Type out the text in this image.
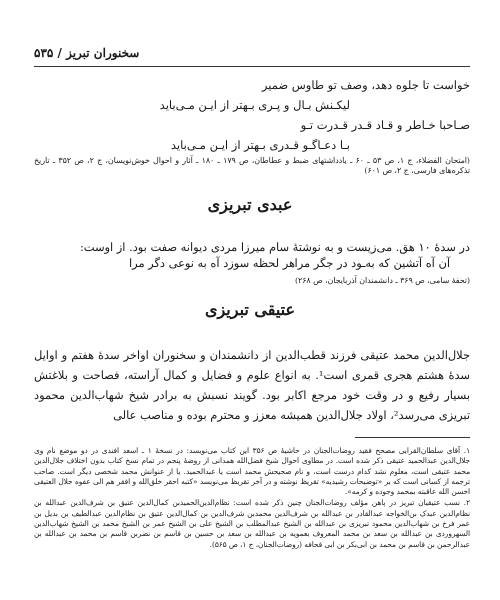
سخنوران تبریز / ۵۳۵
خواست تا جلوه دهد، وصف تو طاوس ضمیر
لیکـنش بـال و پـری بـهتر از ایـن مـی‌باید
صـاحبا خـاطر و قـاد قـدر قـدرت تـو
بـا دعـاگـو قـدری بـهتر از ایـن مـی‌باید
(امتحان الفضلاء، ج ۱، ص ۵۳ ـ ۶۰ ـ یادداشتهای ضبط و عطاطان، ص ۱۷۹ ـ ۱۸۰ ـ آثار و احوال خوش‌نویسان، ج ۲، ص ۳۵۲ ـ تاریخ تذکره‌های فارسی، ج ۲، ص ۶۰۱)
عبدی تبریزی
در سدهٔ ۱۰ هق. می‌زیست و به نوشتهٔ سام میرزا مردی دیوانه صفت بود. از اوست:
آن آه آتشین که به‌ـود در جگر مرا
هر لحظه سوزد آه به نوعی دگر مرا
(تحفهٔ سامی، ص ۳۶۹ ـ دانشمندان آذربایجان، ص ۲۶۸)
عتیقی تبریزی
جلال‌الدین محمد عتیقی فرزند قطب‌الدین از دانشمندان و سخنوران اواخر سدهٔ هفتم و اوایل سدهٔ هشتم هجری قمری است¹. به انواع علوم و فضایل و کمال آراسته، فصاحت و بلاغتش بسیار رفیع و در وقت خود مرجع اکابر بود. گویند نسبش به برادر شیخ شهاب‌الدین محمود تبریزی می‌رسد²، اولاد جلال‌الدین همیشه معزز و محترم بوده و مناصب عالی

۱. آقای سلطان‌القرایی مصحح فقید روضات‌الجنان در حاشیهٔ ص ۳۵۶ این کتاب می‌نویسد: در نسخهٔ ۱ ـ اسعد افندی در دو موضع نام وی جلال‌الدین عبدالحمید عتیقی ذکر شده است. در مطاوی احوال شیخ فضل‌الله همدانی از روضهٔ پنجم در تمام نسخ کتاب بدون اختلاف جلال‌الدین محمد عتیقی است، معلوم نشد کدام درست است، و نام صحیحش محمد است یا عبدالحمید. یا از عنوانش محمد شخصی دیگر است. صاحب ترجمه از کسانی است که بر «توضیحات رشیدیه» تقریظ نوشته و در آخر تقریظ می‌نویسد «کتبه احقر خلق‌الله و افقر هم الی عفوه جلال العتیقی اخسن الله عاقبته بمحمد وجوده و کرمه».

۲. نسب عتیقیان تبریز در پاهن مؤلف روضات‌الجنان چنین ذکر شده است: نظام‌الدین‌الحمیدبن کمال‌الدین عتیق بن شرف‌الدین عبدالله بن نظام‌الدین عبدک بن‌الخواجه عبدالقادر بن عبدالله بن شرف‌الدین محمدبن شرف‌الدین بن کمال‌الدین عتیق بن نظام‌الدین عبدالطیف بن بدیل بن عمر فرخ بن شهاب‌الدین محمود تبریزی بن عبدالله بن الشیخ عبدالمطلب بن الشیخ علی بن الشیخ عمر بن الشیخ محمد بن الشیخ شهاب‌الدین السهروردی بن عبدالله بن سعد بن محمد المعروف بعمویه بن عبدالله بن سعد بن حسین بن قاسم بن نضربن قاسم بن محمد بن عبدالله بن عبدالرحمن بن قاسم بن محمد بن ابی‌بکر بن ابی قحافه (روضات‌الجنان، ج ۱، ص ۵۶۵).
